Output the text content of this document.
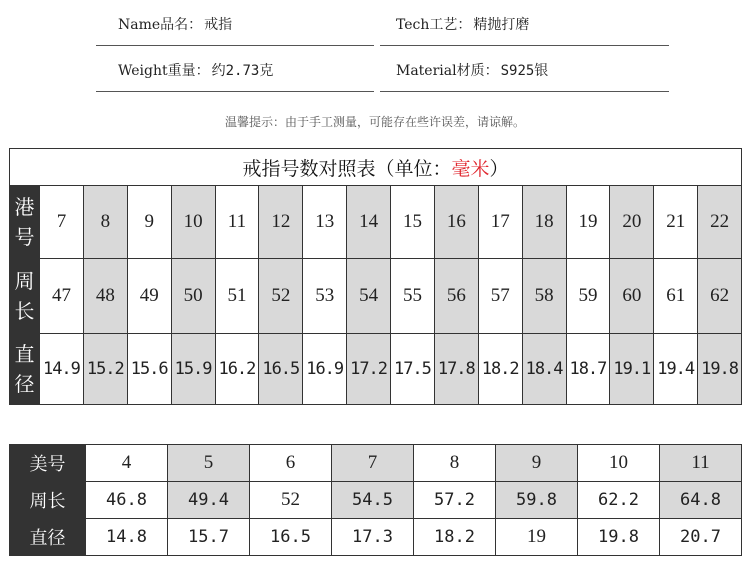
Name品名： 戒指	Tech工艺： 精抛打磨
Weight重量： 约2.73克	Material材质： S925银
温馨提示：由于手工测量，可能存在些许误差，请谅解。
戒指号数对照表（单位：毫米）																
港
号	7	8	9	10	11	12	13	14	15	16	17	18	19	20	21	22
周
长	47	48	49	50	51	52	53	54	55	56	57	58	59	60	61	62
直
径	14.9	15.2	15.6	15.9	16.2	16.5	16.9	17.2	17.5	17.8	18.2	18.4	18.7	19.1	19.4	19.8
美号	4	5	6	7	8	9	10	11
周长	46.8	49.4	52	54.5	57.2	59.8	62.2	64.8
直径	14.8	15.7	16.5	17.3	18.2	19	19.8	20.7
